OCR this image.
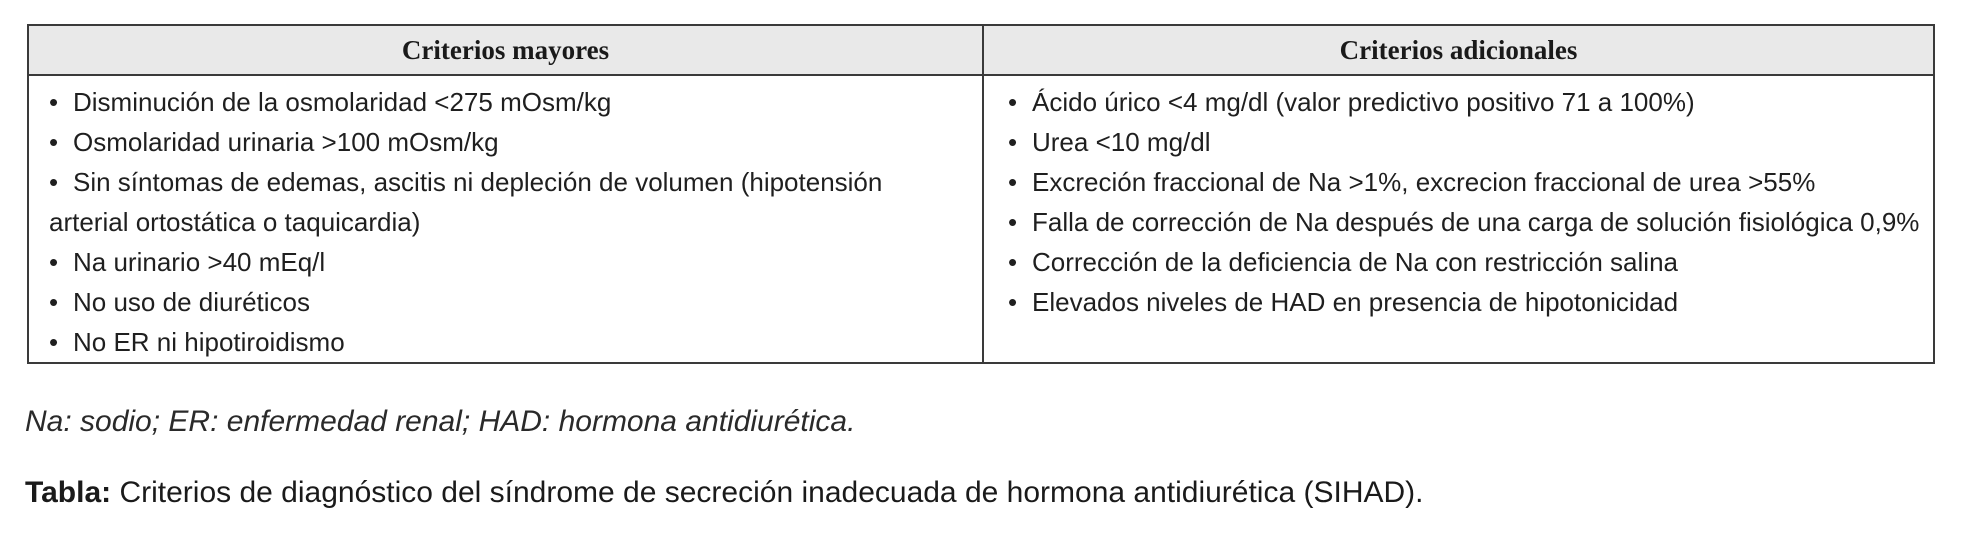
Criterios mayores	Criterios adicionales
• Disminución de la osmolaridad <275 mOsm/kg
• Osmolaridad urinaria >100 mOsm/kg
• Sin síntomas de edemas, ascitis ni depleción de volumen (hipotensión
arterial ortostática o taquicardia)
• Na urinario >40 mEq/l
• No uso de diuréticos
• No ER ni hipotiroidismo
• Ácido úrico <4 mg/dl (valor predictivo positivo 71 a 100%)
• Urea <10 mg/dl
• Excreción fraccional de Na >1%, excrecion fraccional de urea >55%
• Falla de corrección de Na después de una carga de solución fisiológica 0,9%
• Corrección de la deficiencia de Na con restricción salina
• Elevados niveles de HAD en presencia de hipotonicidad
Na: sodio; ER: enfermedad renal; HAD: hormona antidiurética.
Tabla: Criterios de diagnóstico del síndrome de secreción inadecuada de hormona antidiurética (SIHAD).
